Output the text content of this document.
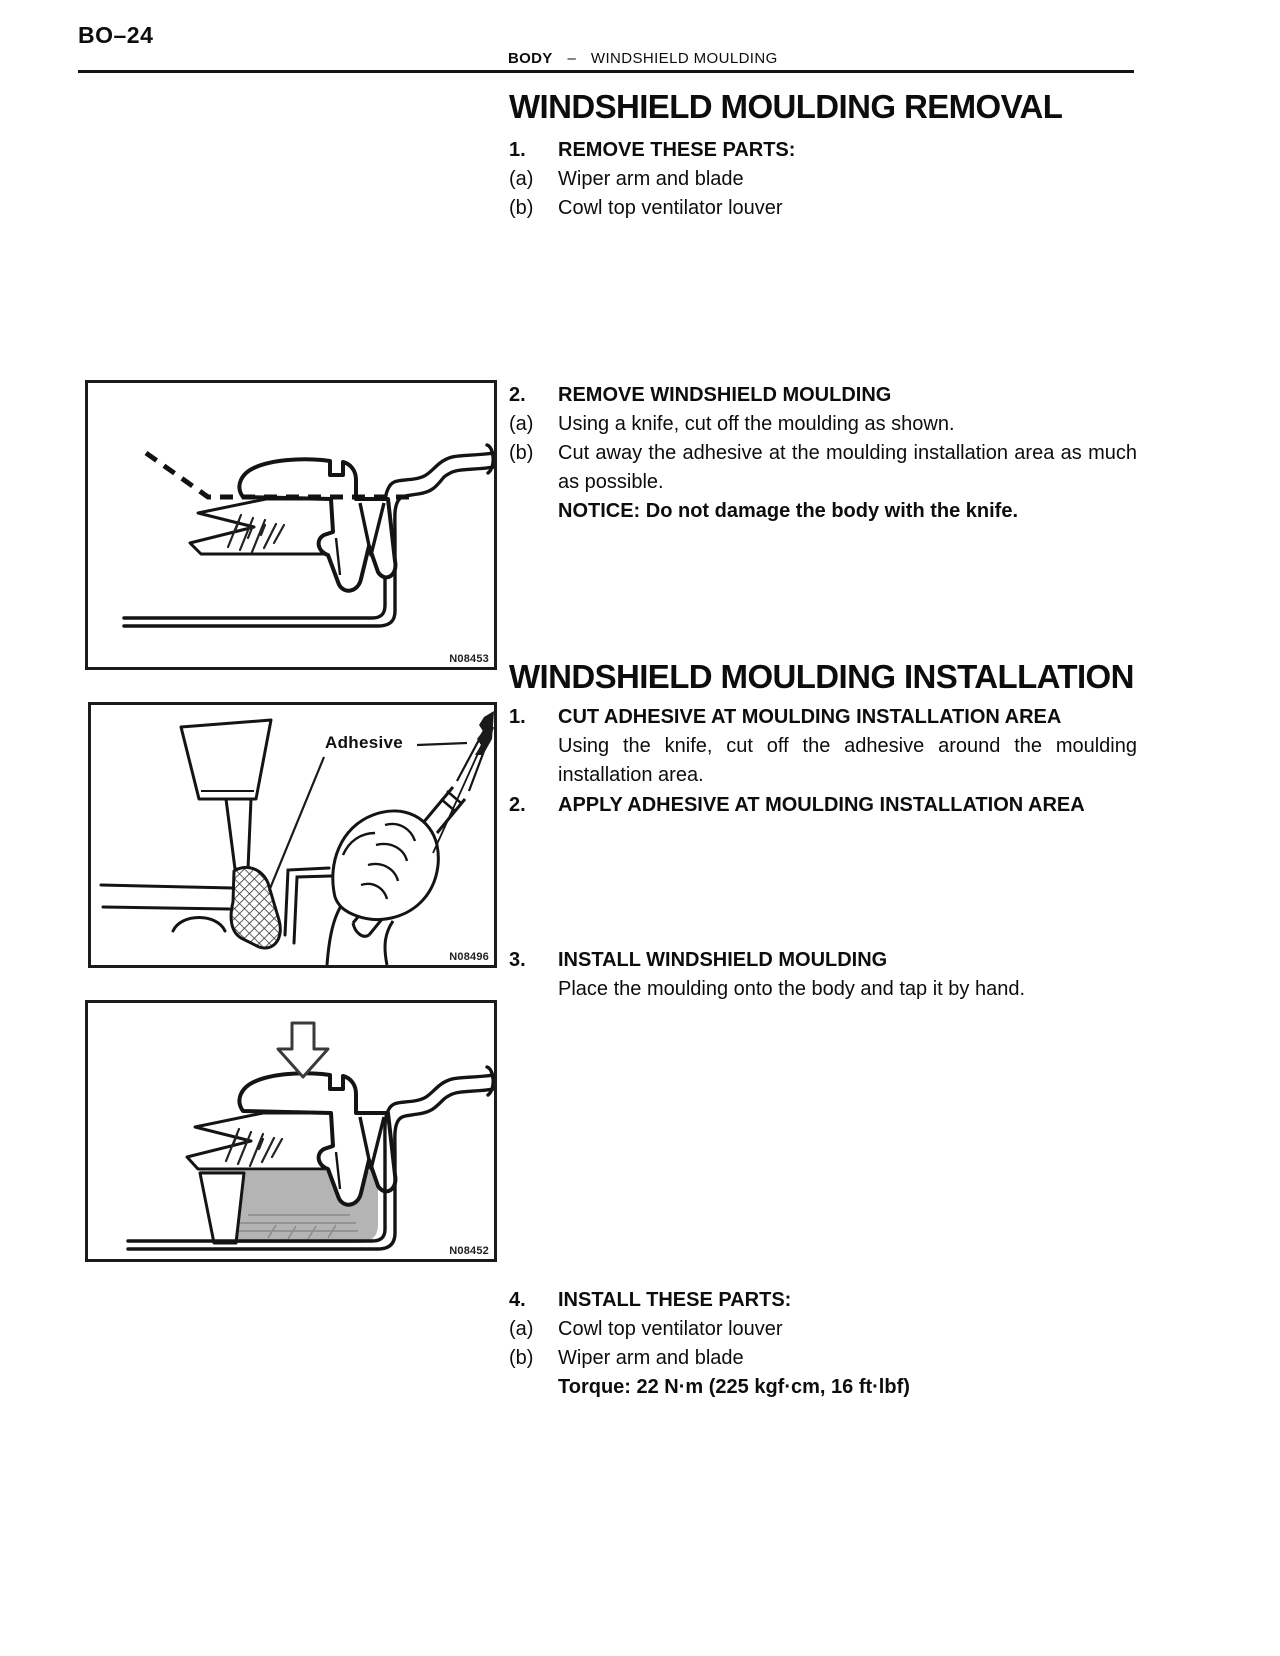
BO–24
BODY – WINDSHIELD MOULDING
WINDSHIELD MOULDING REMOVAL
1.	REMOVE THESE PARTS:
(a)	Wiper arm and blade
(b)	Cowl top ventilator louver
N08453
2.	REMOVE WINDSHIELD MOULDING
(a)	Using a knife, cut off the moulding as shown.
(b)	Cut away the adhesive at the moulding installation area as much as possible.
NOTICE: Do not damage the body with the knife.
WINDSHIELD MOULDING INSTALLATION
1.	CUT ADHESIVE AT MOULDING INSTALLATION AREA
Using the knife, cut off the adhesive around the moulding installation area.
2.	APPLY ADHESIVE AT MOULDING INSTALLATION AREA
Adhesive
N08496 3.	INSTALL WINDSHIELD MOULDING
Place the moulding onto the body and tap it by hand.
N08452
4.	INSTALL THESE PARTS:
(a)	Cowl top ventilator louver
(b)	Wiper arm and blade
Torque: 22 N·m (225 kgf·cm, 16 ft·lbf)
